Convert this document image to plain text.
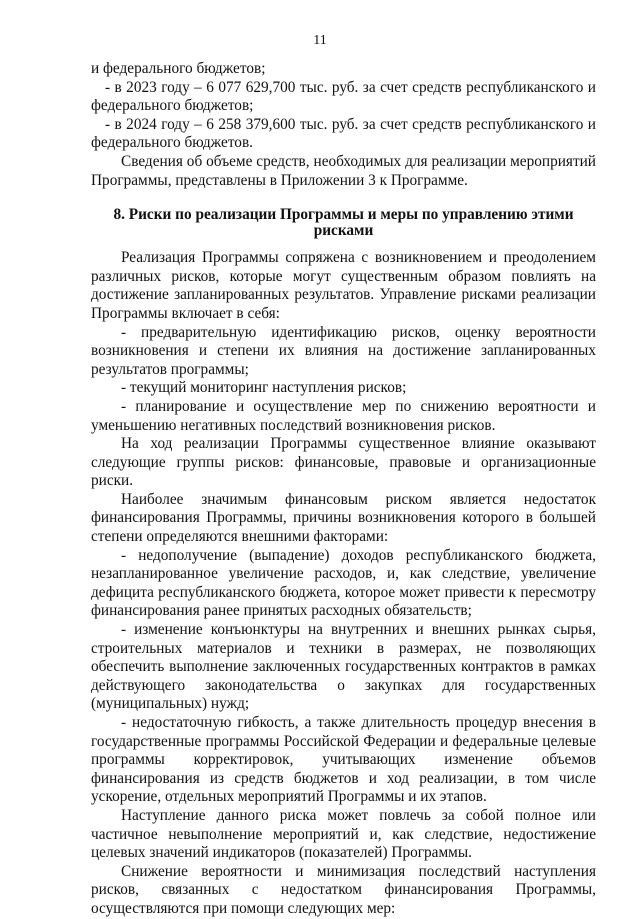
11

и федерального бюджетов;

- в 2023 году – 6 077 629,700 тыс. руб. за счет средств республиканского и федерального бюджетов;

- в 2024 году – 6 258 379,600 тыс. руб. за счет средств республиканского и федерального бюджетов.

Сведения об объеме средств, необходимых для реализации мероприятий Программы, представлены в Приложении 3 к Программе.

8. Риски по реализации Программы и меры по управлению этими рисками

Реализация Программы сопряжена с возникновением и преодолением различных рисков, которые могут существенным образом повлиять на достижение запланированных результатов. Управление рисками реализации Программы включает в себя:

- предварительную идентификацию рисков, оценку вероятности возникновения и степени их влияния на достижение запланированных результатов программы;

- текущий мониторинг наступления рисков;

- планирование и осуществление мер по снижению вероятности и уменьшению негативных последствий возникновения рисков.

На ход реализации Программы существенное влияние оказывают следующие группы рисков: финансовые, правовые и организационные риски.

Наиболее значимым финансовым риском является недостаток финансирования Программы, причины возникновения которого в большей степени определяются внешними факторами:

- недополучение (выпадение) доходов республиканского бюджета, незапланированное увеличение расходов, и, как следствие, увеличение дефицита республиканского бюджета, которое может привести к пересмотру финансирования ранее принятых расходных обязательств;

- изменение конъюнктуры на внутренних и внешних рынках сырья, строительных материалов и техники в размерах, не позволяющих обеспечить выполнение заключенных государственных контрактов в рамках действующего законодательства о закупках для государственных (муниципальных) нужд;

- недостаточную гибкость, а также длительность процедур внесения в государственные программы Российской Федерации и федеральные целевые программы корректировок, учитывающих изменение объемов финансирования из средств бюджетов и ход реализации, в том числе ускорение, отдельных мероприятий Программы и их этапов.

Наступление данного риска может повлечь за собой полное или частичное невыполнение мероприятий и, как следствие, недостижение целевых значений индикаторов (показателей) Программы.

Снижение вероятности и минимизация последствий наступления рисков, связанных с недостатком финансирования Программы, осуществляются при помощи следующих мер:
